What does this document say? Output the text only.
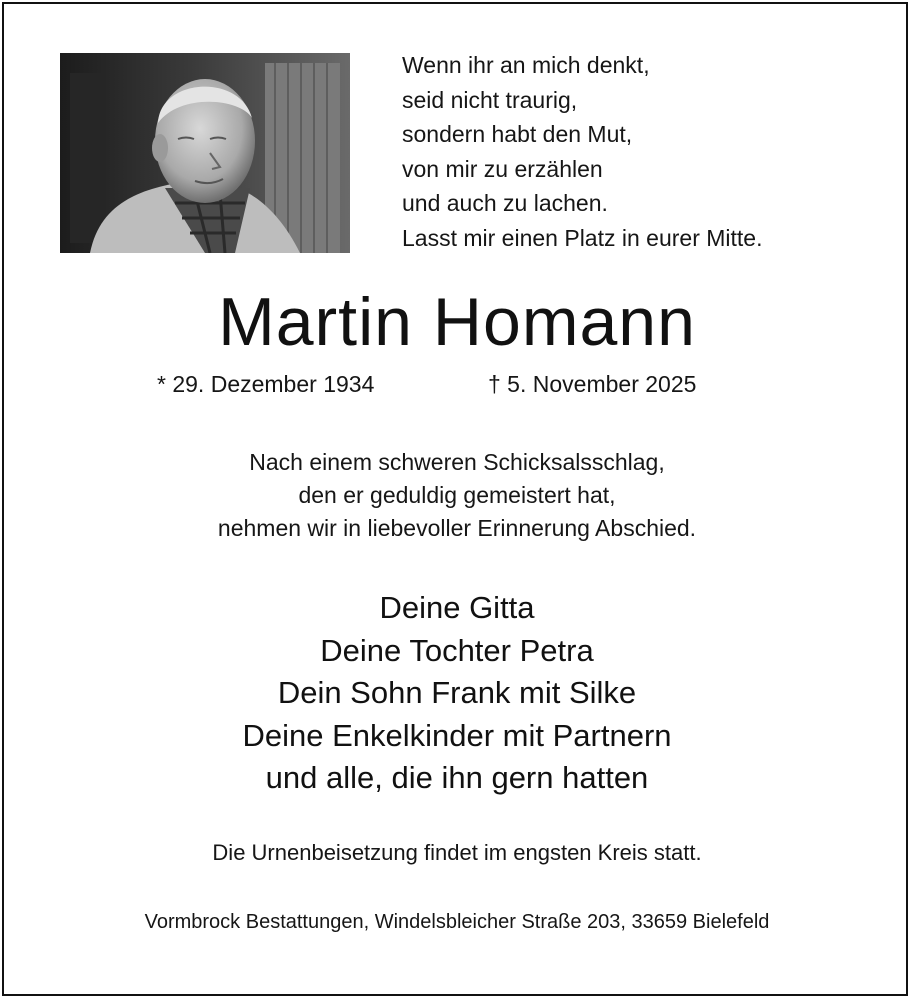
Wenn ihr an mich denkt,
seid nicht traurig,
sondern habt den Mut,
von mir zu erzählen
und auch zu lachen.
Lasst mir einen Platz in eurer Mitte.
Martin Homann
* 29. Dezember 1934	† 5. November 2025
Nach einem schweren Schicksalsschlag,
den er geduldig gemeistert hat,
nehmen wir in liebevoller Erinnerung Abschied.
Deine Gitta
Deine Tochter Petra
Dein Sohn Frank mit Silke
Deine Enkelkinder mit Partnern
und alle, die ihn gern hatten
Die Urnenbeisetzung findet im engsten Kreis statt.
Vormbrock Bestattungen, Windelsbleicher Straße 203, 33659 Bielefeld
